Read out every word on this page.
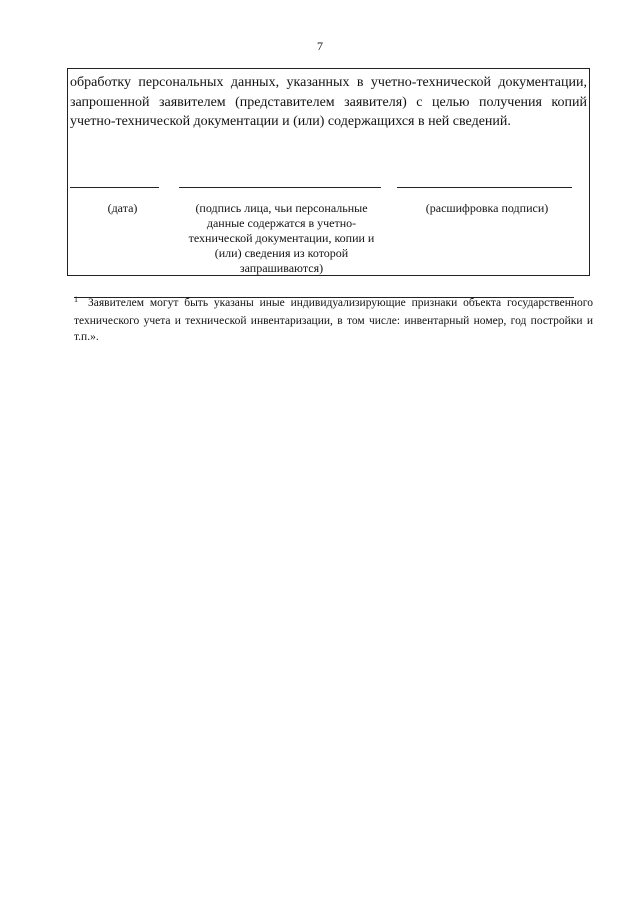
7

обработку персональных данных, указанных в учетно-технической документации, запрошенной заявителем (представителем заявителя) с целью получения копий учетно-технической документации и (или) содержащихся в ней сведений.

(дата)	(подпись лица, чьи персональные данные содержатся в учетно-технической документации, копии и (или) сведения из которой запрашиваются)
(расшифровка подписи)

$^1$ Заявителем могут быть указаны иные индивидуализирующие признаки объекта государственного технического учета и технической инвентаризации, в том числе: инвентарный номер, год постройки и т.п.».
